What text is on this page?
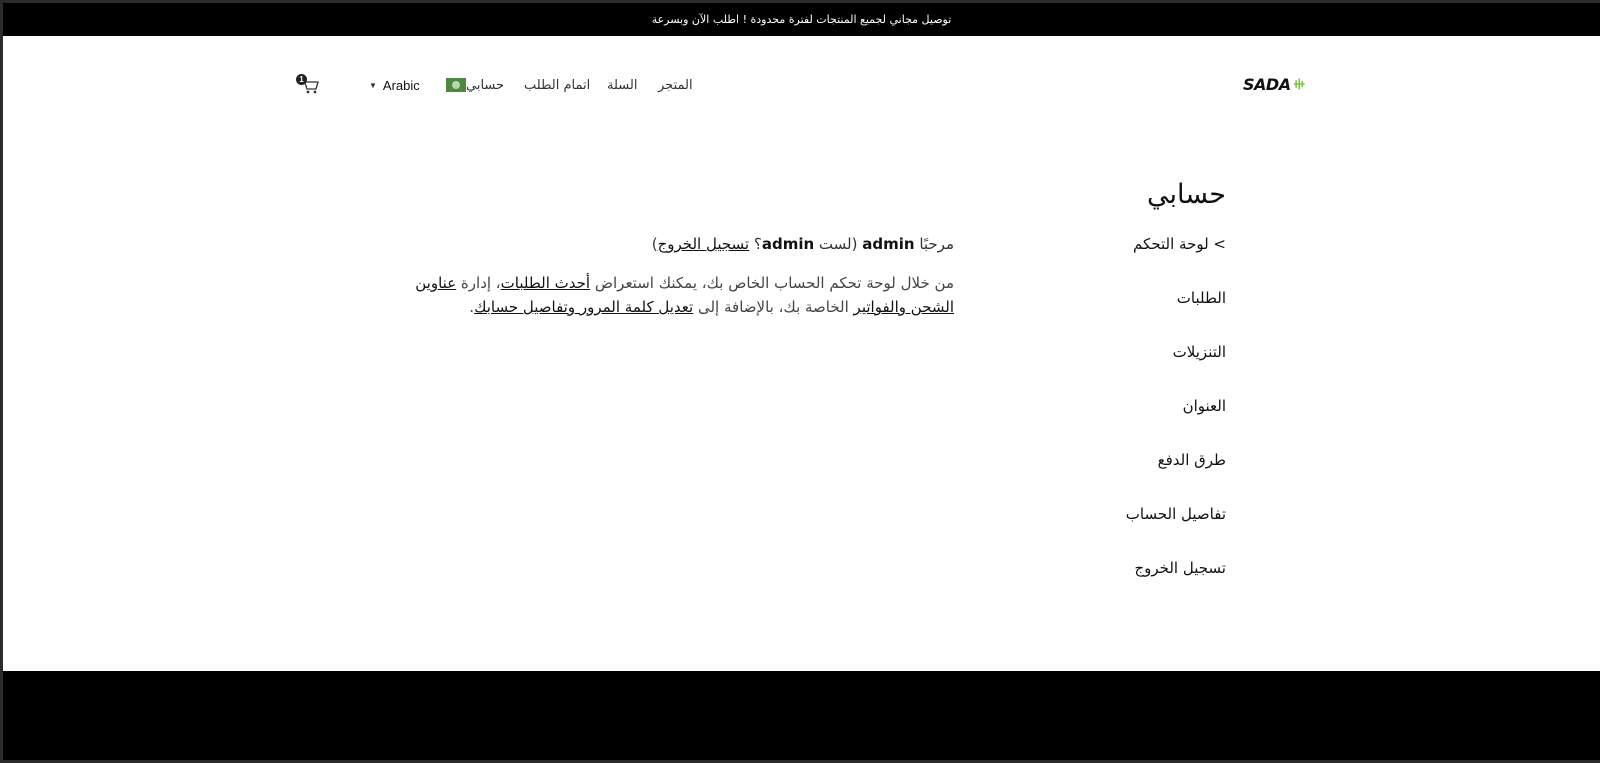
توصيل مجاني لجميع المنتجات لفترة محدودة ! اطلب الآن وبسرعة
SADA
المتجر
السلة
اتمام الطلب
حسابي
▼ Arabic
1
حسابي
> لوحة التحكم
الطلبات
التنزيلات
العنوان
طرق الدفع
تفاصيل الحساب
تسجيل الخروج
مرحبًا admin (لست admin؟ تسجيل الخروج)
من خلال لوحة تحكم الحساب الخاص بك، يمكنك استعراض أحدث الطلبات، إدارة عناوين الشحن والفواتير الخاصة بك، بالإضافة إلى تعديل كلمة المرور وتفاصيل حسابك.
